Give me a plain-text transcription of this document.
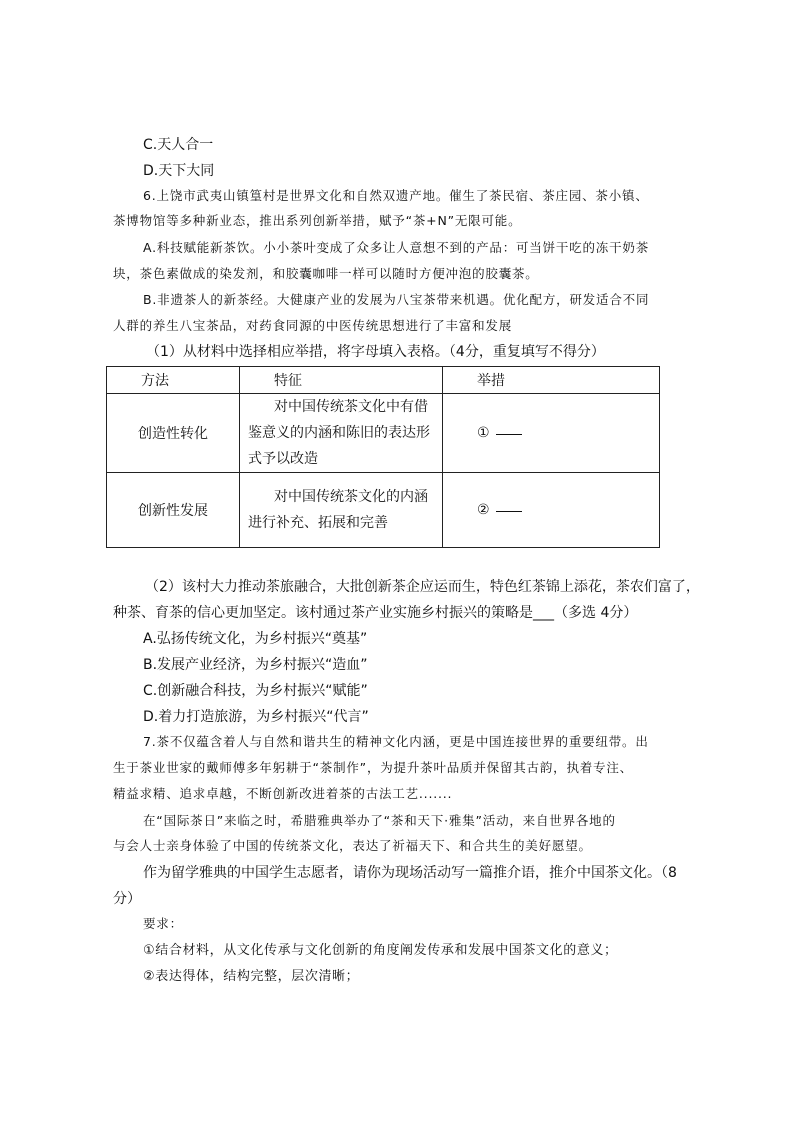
C.天人合一
D.天下大同
6.上饶市武夷山镇篁村是世界文化和自然双遗产地。催生了茶民宿、茶庄园、茶小镇、
茶博物馆等多种新业态，推出系列创新举措，赋予“茶+N”无限可能。
A.科技赋能新茶饮。小小茶叶变成了众多让人意想不到的产品：可当饼干吃的冻干奶茶
块，茶色素做成的染发剂，和胶囊咖啡一样可以随时方便冲泡的胶囊茶。
B.非遗茶人的新茶经。大健康产业的发展为八宝茶带来机遇。优化配方，研发适合不同
人群的养生八宝茶品，对药食同源的中医传统思想进行了丰富和发展
（1）从材料中选择相应举措，将字母填入表格。（4分，重复填写不得分）
方法	特征	举措
创造性转化	对中国传统茶文化中有借
鉴意义的内涵和陈旧的表达形
式予以改造	①
创新性发展	对中国传统茶文化的内涵
进行补充、拓展和完善	②
（2）该村大力推动茶旅融合，大批创新茶企应运而生，特色红茶锦上添花，茶农们富了，
种茶、育茶的信心更加坚定。该村通过茶产业实施乡村振兴的策略是___（多选 4分）
A.弘扬传统文化，为乡村振兴“奠基”
B.发展产业经济，为乡村振兴“造血”
C.创新融合科技，为乡村振兴“赋能”
D.着力打造旅游，为乡村振兴“代言”
7.茶不仅蕴含着人与自然和谐共生的精神文化内涵，更是中国连接世界的重要纽带。出
生于茶业世家的戴师傅多年躬耕于“茶制作”，为提升茶叶品质并保留其古韵，执着专注、
精益求精、追求卓越，不断创新改进着茶的古法工艺.......
在“国际茶日”来临之时，希腊雅典举办了“茶和天下·雅集”活动，来自世界各地的
与会人士亲身体验了中国的传统茶文化，表达了祈福天下、和合共生的美好愿望。
作为留学雅典的中国学生志愿者，请你为现场活动写一篇推介语，推介中国茶文化。（8
分）
要求：
①结合材料，从文化传承与文化创新的角度阐发传承和发展中国茶文化的意义；
②表达得体，结构完整，层次清晰；
